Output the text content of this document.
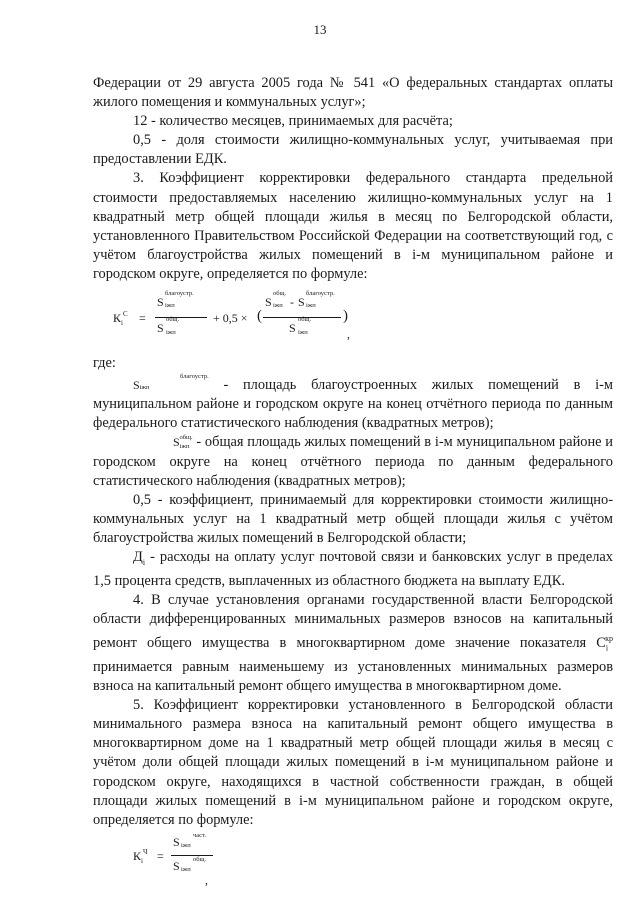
13

Федерации от 29 августа 2005 года № 541 «О федеральных стандартах оплаты жилого помещения и коммунальных услуг»;

12 - количество месяцев, принимаемых для расчёта;

0,5 - доля стоимости жилищно-коммунальных услуг, учитываемая при предоставлении ЕДК.

3. Коэффициент корректировки федерального стандарта предельной стоимости предоставляемых населению жилищно-коммунальных услуг на 1 квадратный метр общей площади жилья в месяц по Белгородской области, установленного Правительством Российской Федерации на соответствующий год, с учётом благоустройства жилых помещений в i-м муниципальном районе и городском округе, определяется по формуле:

$К_i^С$ =
S
благоустр.
iжп
S
общ.
iжп
+ 0,5 × (
S
общ.
iжп - S
благоустр.
iжп
S
общ.
iжп
)
,

где:

благоустр.
Siжп	- площадь благоустроенных жилых помещений в i-м муниципальном районе и городском округе на конец отчётного периода по данным федерального статистического наблюдения (квадратных метров);

Siжп$^{общ.}$ - общая площадь жилых помещений в i-м муниципальном районе и городском округе на конец отчётного периода по данным федерального статистического наблюдения (квадратных метров);

0,5 - коэффициент, принимаемый для корректировки стоимости жилищно-коммунальных услуг на 1 квадратный метр общей площади жилья с учётом благоустройства жилых помещений в Белгородской области;

$Д_i$ - расходы на оплату услуг почтовой связи и банковских услуг в пределах 1,5 процента средств, выплаченных из областного бюджета на выплату ЕДК.

4. В случае установления органами государственной власти Белгородской области дифференцированных минимальных размеров взносов на капитальный ремонт общего имущества в многоквартирном доме значение показателя $С_i^{кр}$ принимается равным наименьшему из установленных минимальных размеров взноса на капитальный ремонт общего имущества в многоквартирном доме.

5. Коэффициент корректировки установленного в Белгородской области минимального размера взноса на капитальный ремонт общего имущества в многоквартирном доме на 1 квадратный метр общей площади жилья в месяц с учётом доли общей площади жилых помещений в i-м муниципальном районе и городском округе, находящихся в частной собственности граждан, в общей площади жилых помещений в i-м муниципальном районе и городском округе, определяется по формуле:

$К_i^Ч$ =
S iжп
част.
S iжп
общ.
,
